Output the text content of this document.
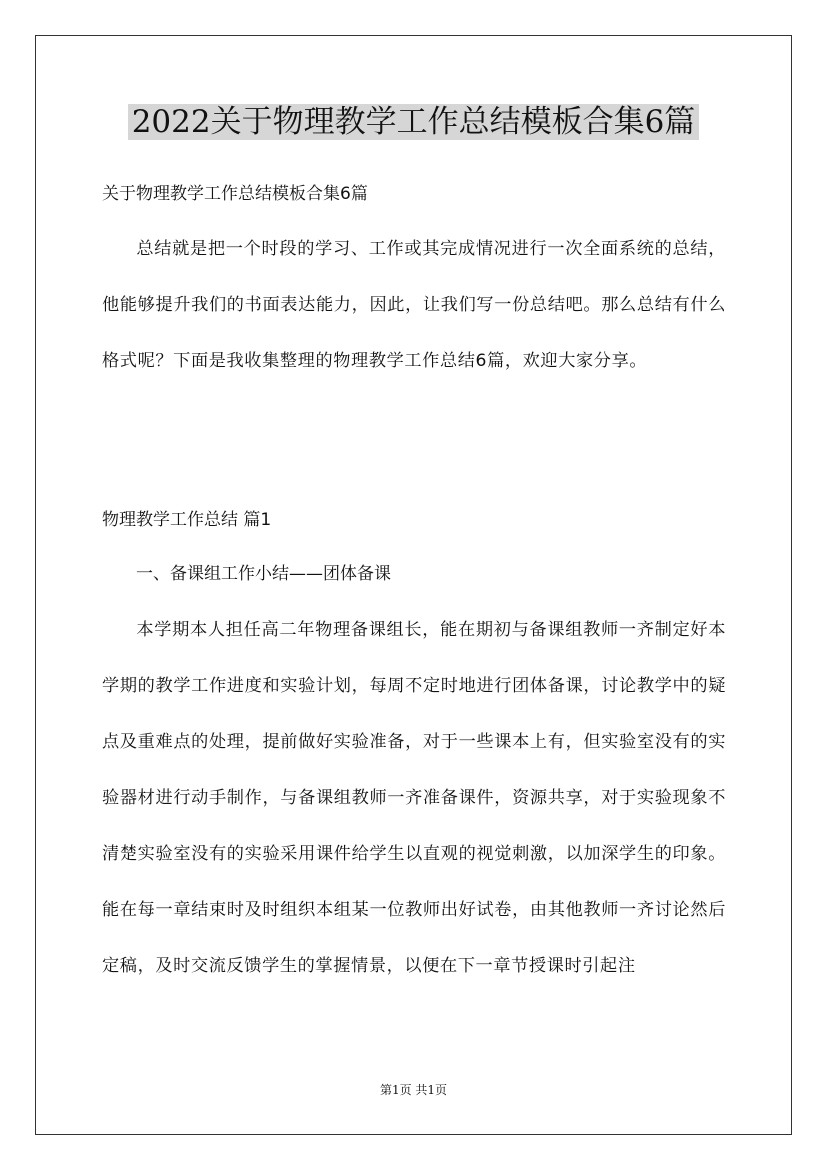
2022关于物理教学工作总结模板合集6篇
关于物理教学工作总结模板合集6篇
总结就是把一个时段的学习、工作或其完成情况进行一次全面系统的总结，他能够提升我们的书面表达能力，因此，让我们写一份总结吧。那么总结有什么格式呢？下面是我收集整理的物理教学工作总结6篇，欢迎大家分享。
物理教学工作总结 篇1
一、备课组工作小结——团体备课
本学期本人担任高二年物理备课组长，能在期初与备课组教师一齐制定好本学期的教学工作进度和实验计划，每周不定时地进行团体备课，讨论教学中的疑点及重难点的处理，提前做好实验准备，对于一些课本上有，但实验室没有的实验器材进行动手制作，与备课组教师一齐准备课件，资源共享，对于实验现象不清楚实验室没有的实验采用课件给学生以直观的视觉刺激，以加深学生的印象。能在每一章结束时及时组织本组某一位教师出好试卷，由其他教师一齐讨论然后定稿，及时交流反馈学生的掌握情景，以便在下一章节授课时引起注
第1页 共1页
